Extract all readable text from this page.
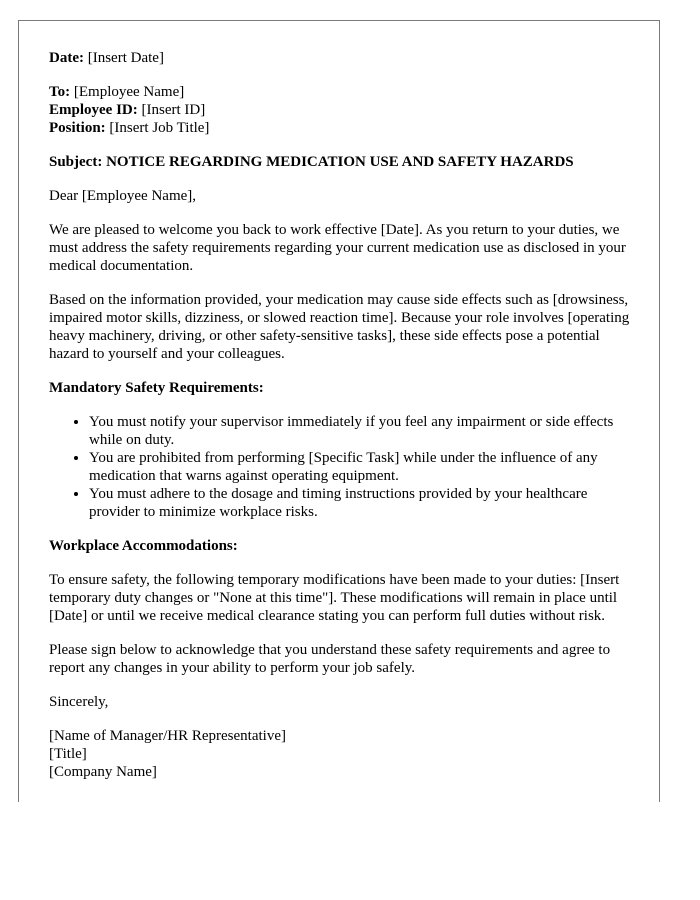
Date: [Insert Date]

To: [Employee Name]
Employee ID: [Insert ID]
Position: [Insert Job Title]

Subject: NOTICE REGARDING MEDICATION USE AND SAFETY HAZARDS

Dear [Employee Name],

We are pleased to welcome you back to work effective [Date]. As you return to your duties, we must address the safety requirements regarding your current medication use as disclosed in your medical documentation.

Based on the information provided, your medication may cause side effects such as [drowsiness, impaired motor skills, dizziness, or slowed reaction time]. Because your role involves [operating heavy machinery, driving, or other safety-sensitive tasks], these side effects pose a potential hazard to yourself and your colleagues.

Mandatory Safety Requirements:
• You must notify your supervisor immediately if you feel any impairment or side effects while on duty.
• You are prohibited from performing [Specific Task] while under the influence of any medication that warns against operating equipment.
• You must adhere to the dosage and timing instructions provided by your healthcare provider to minimize workplace risks.
Workplace Accommodations:

To ensure safety, the following temporary modifications have been made to your duties: [Insert temporary duty changes or "None at this time"]. These modifications will remain in place until [Date] or until we receive medical clearance stating you can perform full duties without risk.

Please sign below to acknowledge that you understand these safety requirements and agree to report any changes in your ability to perform your job safely.

Sincerely,

[Name of Manager/HR Representative]
[Title]
[Company Name]
